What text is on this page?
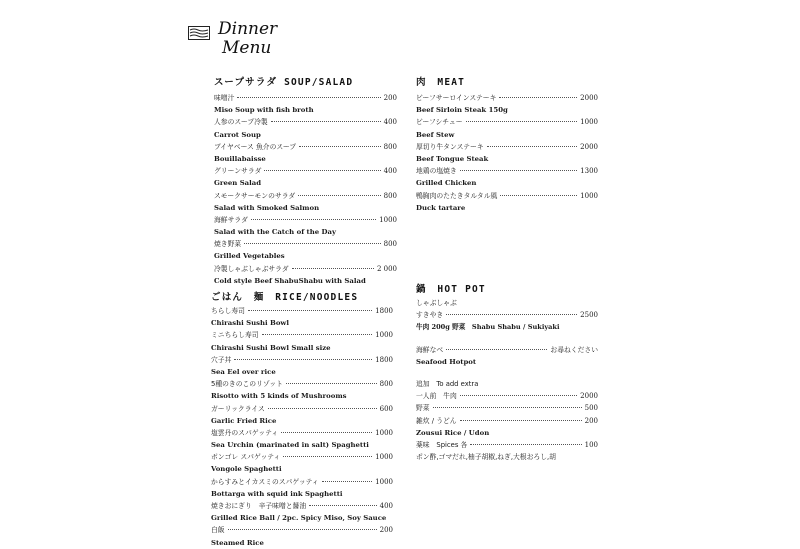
Dinner
Menu
スープサラダ SOUP/SALAD
味噌汁	200
Miso Soup with fish broth
人参のスープ冷製	400
Carrot Soup
ブイヤベース 魚介のスープ	800
Bouillabaisse
グリーンサラダ	400
Green Salad
スモークサーモンのサラダ	800
Salad with Smoked Salmon
海鮮サラダ	1000
Salad with the Catch of the Day
焼き野菜	800
Grilled Vegetables
冷製しゃぶしゃぶサラダ	2 000
Cold style Beef ShabuShabu with Salad
ごはん　麺　RICE/NOODLES
ちらし寿司	1800
Chirashi Sushi Bowl
ミニちらし寿司	1000
Chirashi Sushi Bowl Small size
穴子丼	1800
Sea Eel over rice
5種のきのこのリゾット	800
Risotto with 5 kinds of Mushrooms
ガーリックライス	600
Garlic Fried Rice
塩雲丹のスパゲッティ	1000
Sea Urchin (marinated in salt) Spaghetti
ボンゴレ スパゲッティ	1000
Vongole Spaghetti
からすみとイカスミのスパゲッティ	1000
Bottarga with squid ink Spaghetti
焼きおにぎり　辛子味噌と醤油	400
Grilled Rice Ball / 2pc. Spicy Miso, Soy Sauce
白飯	200
Steamed Rice
肉　MEAT
ビーフサーロインステーキ	2000
Beef Sirloin Steak 150g
ビーフシチュー	1000
Beef Stew
厚切り牛タンステーキ	2000
Beef Tongue Steak
地鶏の塩焼き	1300
Grilled Chicken
鴨胸肉のたたきタルタル風	1000
Duck tartare
鍋　HOT POT
しゃぶしゃぶ
すきやき	2500
牛肉 200g 野菜　Shabu Shabu / Sukiyaki
海鮮なべ	お尋ねください
Seafood Hotpot
追加　To add extra
一人前　牛肉	2000
野菜	500
雑炊 / うどん	200
Zousui Rice / Udon
薬味　Spices 各	100
ポン酢,ゴマだれ,柚子胡椒,ねぎ,大根おろし,胡
